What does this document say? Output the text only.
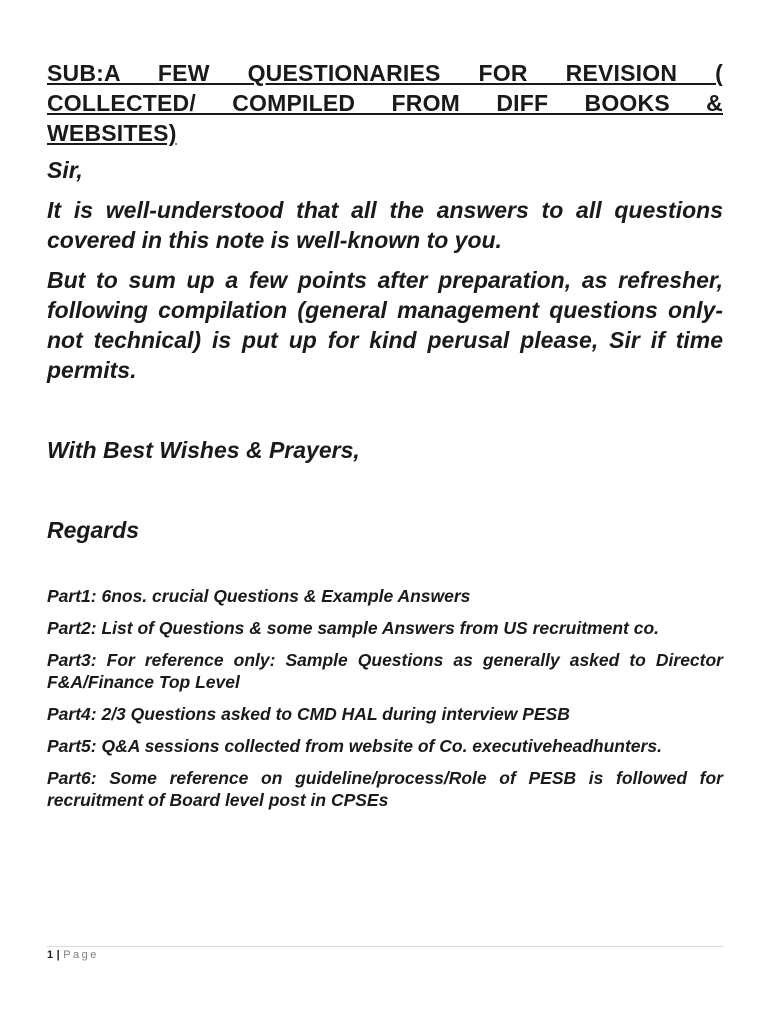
SUB:A FEW QUESTIONARIES FOR REVISION (
COLLECTED/ COMPILED FROM DIFF BOOKS &
WEBSITES)

Sir,

It is well-understood that all the answers to all questions covered in this note is well-known to you.

But to sum up a few points after preparation, as refresher, following compilation (general management questions only-not technical) is put up for kind perusal please, Sir if time permits.

With Best Wishes & Prayers,

Regards

Part1: 6nos. crucial Questions & Example Answers

Part2: List of Questions & some sample Answers from US recruitment co.

Part3: For reference only: Sample Questions as generally asked to Director F&A/Finance Top Level

Part4: 2/3 Questions asked to CMD HAL during interview PESB

Part5: Q&A sessions collected from website of Co. executiveheadhunters.

Part6: Some reference on guideline/process/Role of PESB is followed for recruitment of Board level post in CPSEs

1 | Page
